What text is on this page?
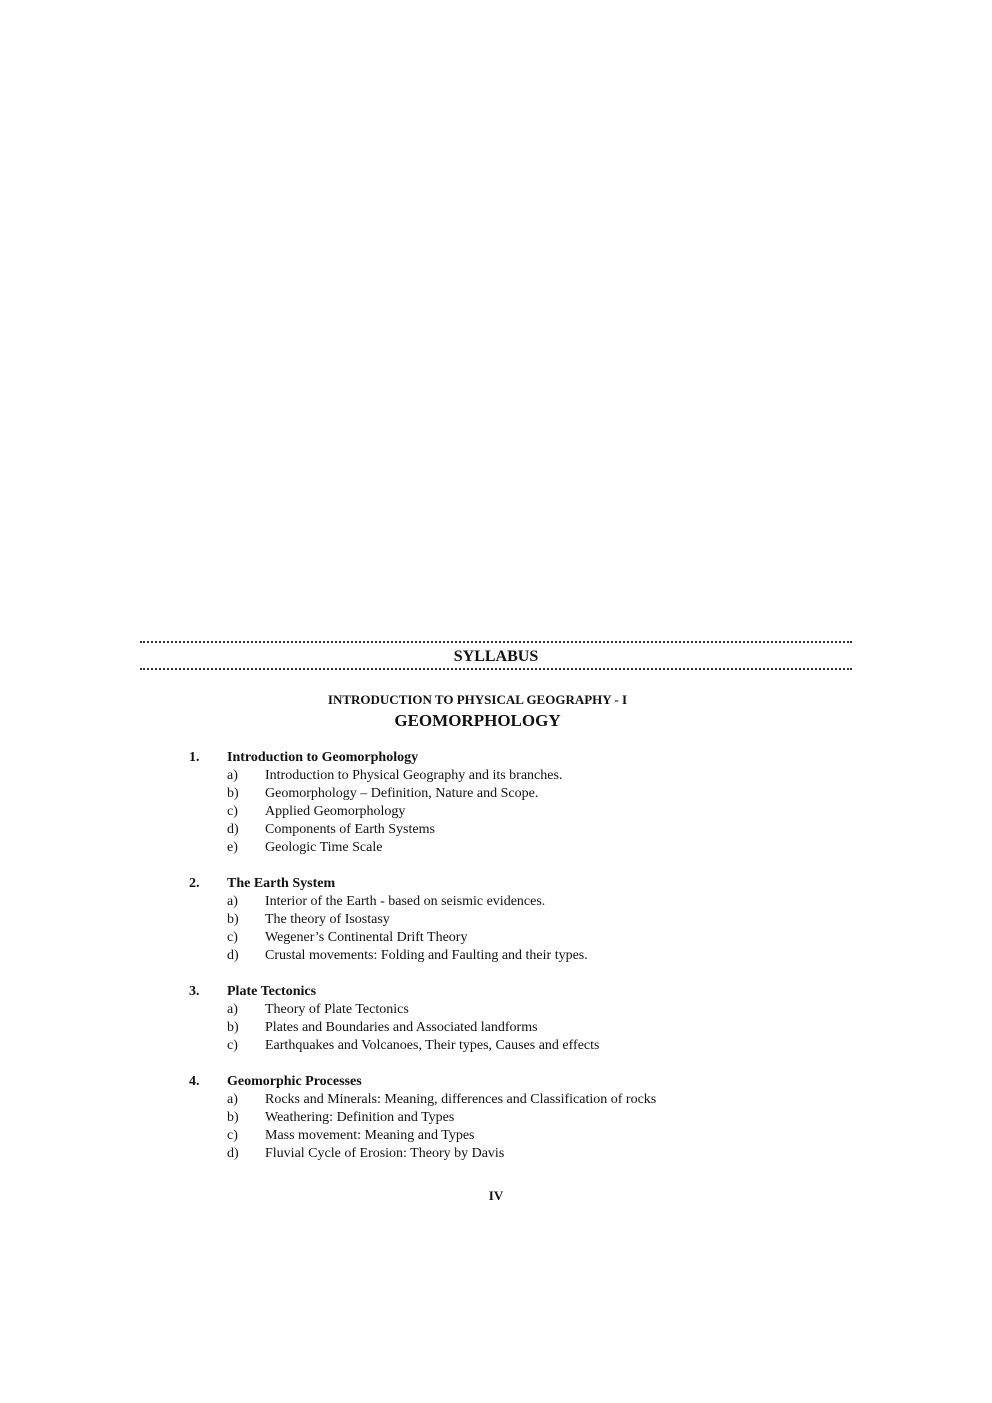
SYLLABUS
INTRODUCTION TO PHYSICAL GEOGRAPHY - I
GEOMORPHOLOGY
1.	Introduction to Geomorphology
a)	Introduction to Physical Geography and its branches.
b)	Geomorphology – Definition, Nature and Scope.
c)	Applied Geomorphology
d)	Components of Earth Systems
e)	Geologic Time Scale
2.	The Earth System
a)	Interior of the Earth - based on seismic evidences.
b)	The theory of Isostasy
c)	Wegener’s Continental Drift Theory
d)	Crustal movements: Folding and Faulting and their types.
3.	Plate Tectonics
a)	Theory of Plate Tectonics
b)	Plates and Boundaries and Associated landforms
c)	Earthquakes and Volcanoes, Their types, Causes and effects
4.	Geomorphic Processes
a)	Rocks and Minerals: Meaning, differences and Classification of rocks
b)	Weathering: Definition and Types
c)	Mass movement: Meaning and Types
d)	Fluvial Cycle of Erosion: Theory by Davis
IV
